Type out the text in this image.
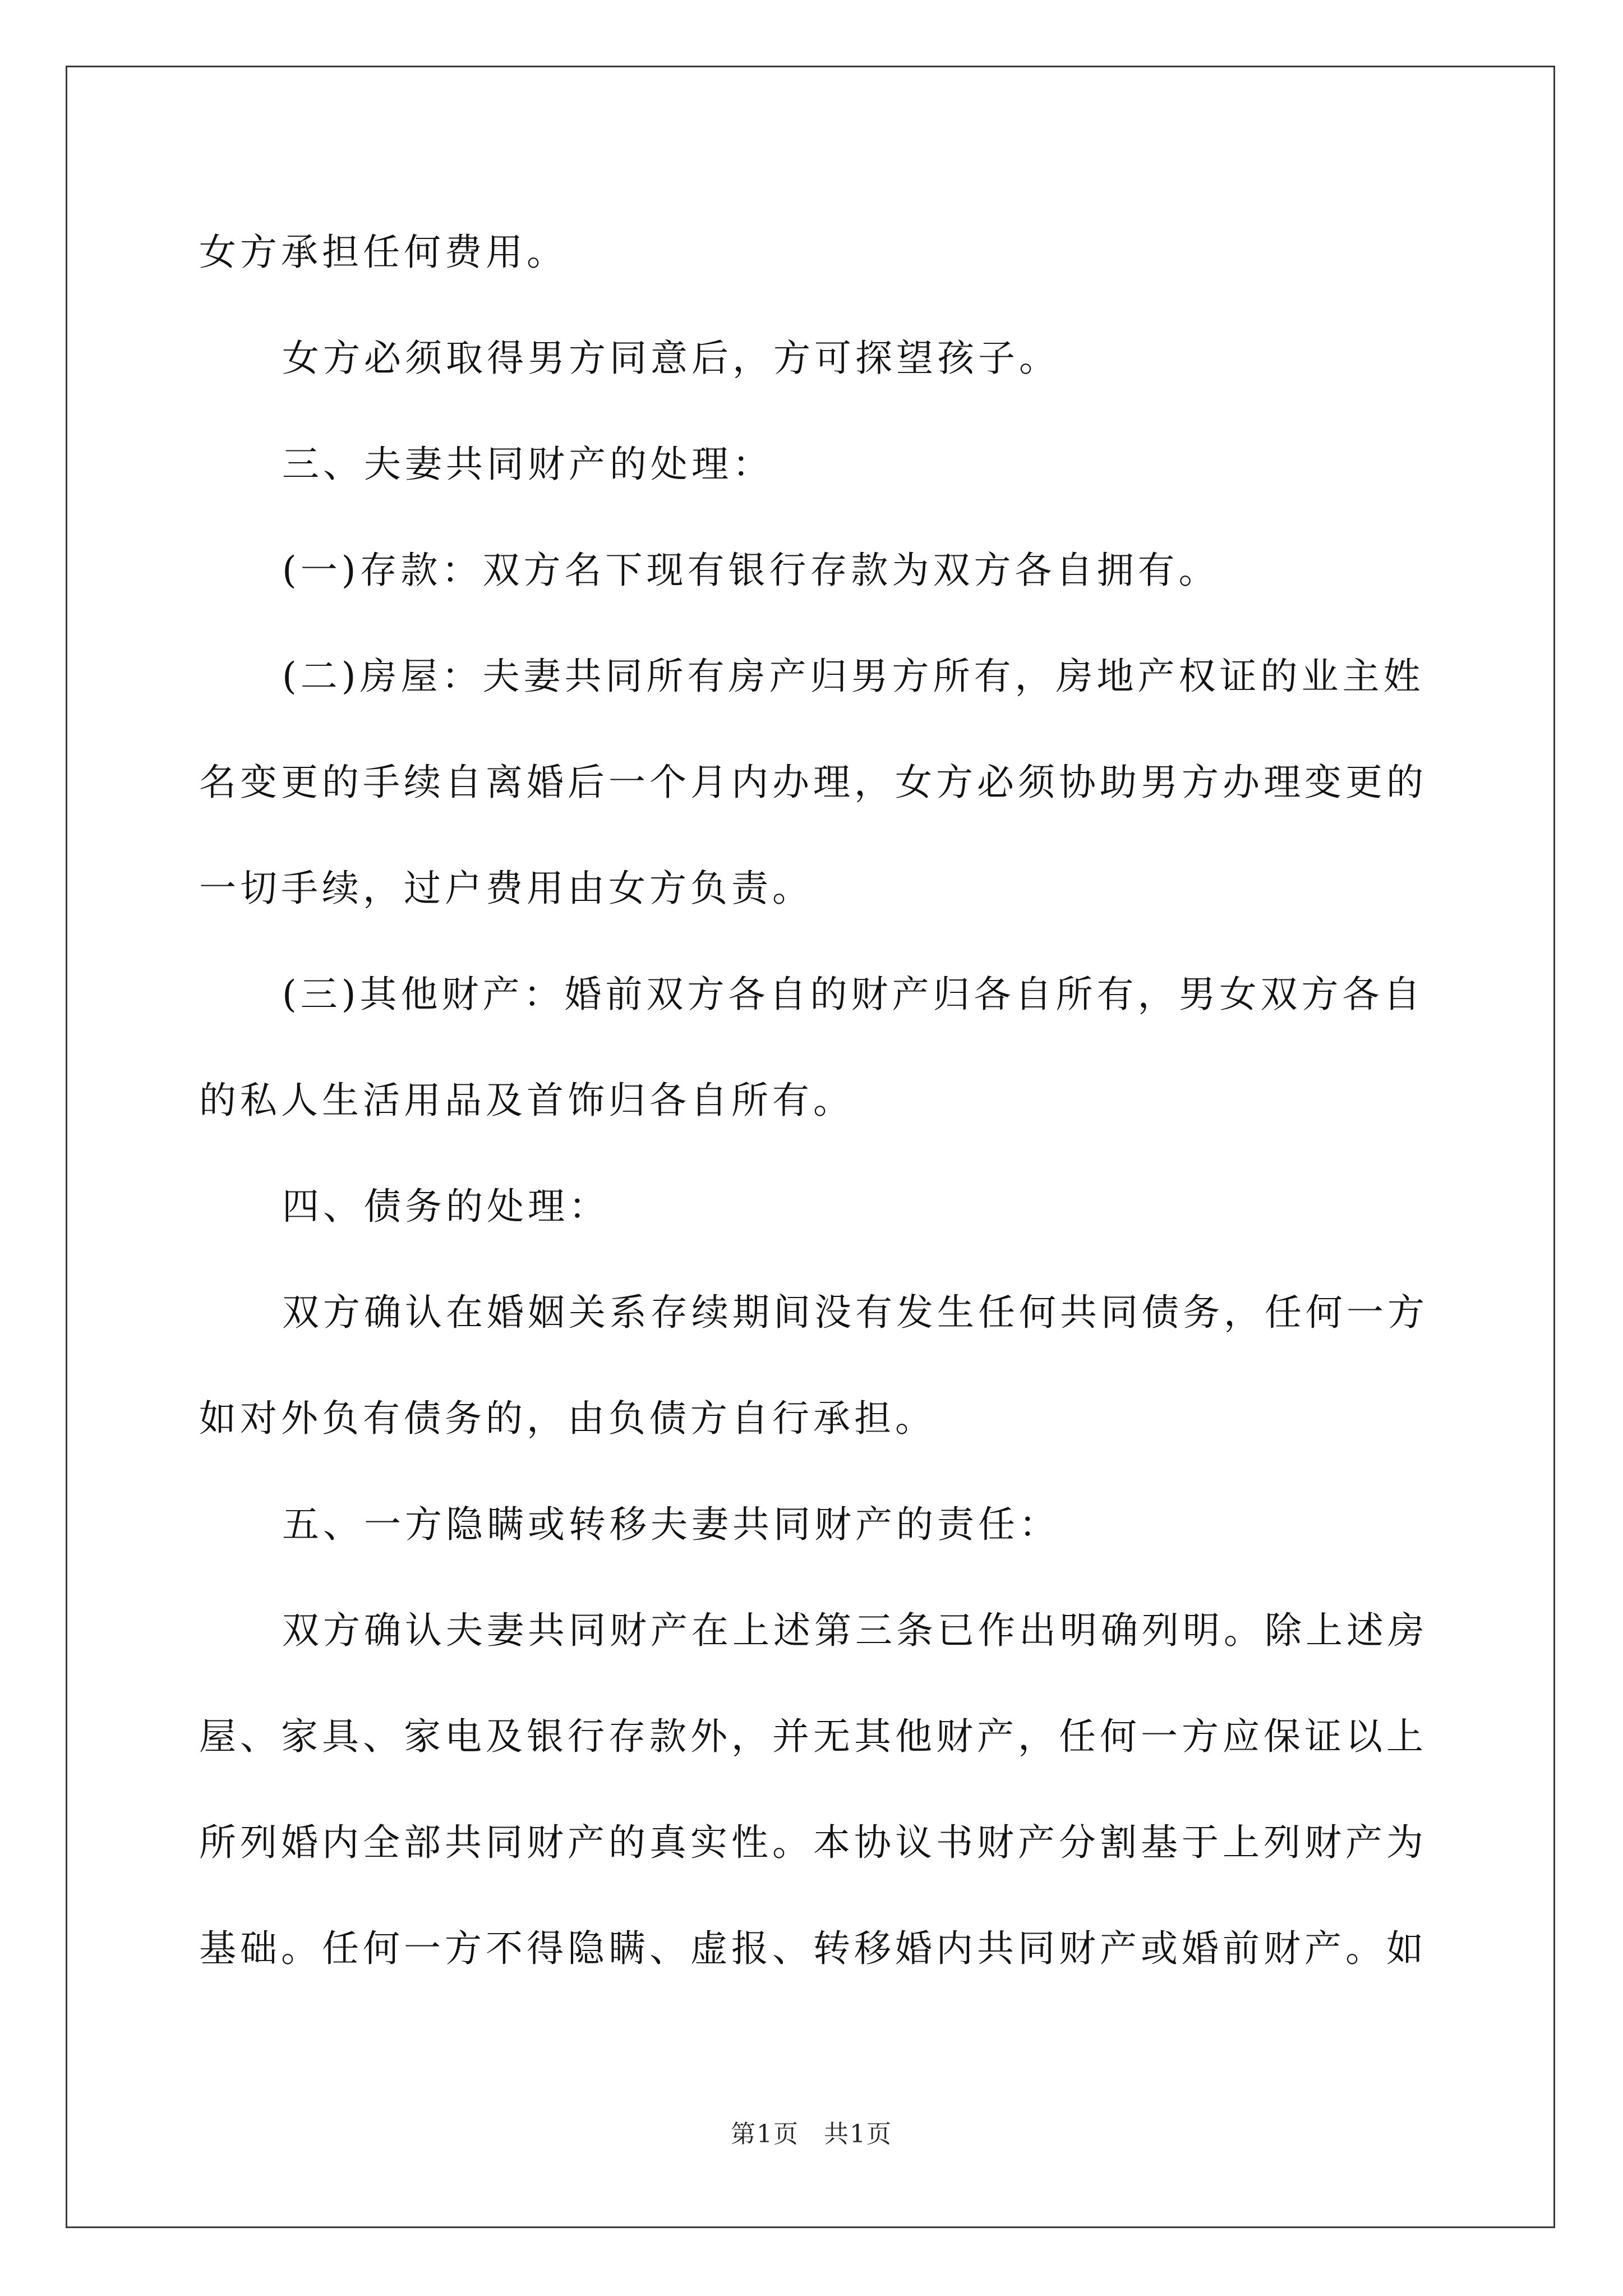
女方承担任何费用。
女方必须取得男方同意后，方可探望孩子。
三、夫妻共同财产的处理：
(一)存款：双方名下现有银行存款为双方各自拥有。
(二)房屋：夫妻共同所有房产归男方所有，房地产权证的业主姓
名变更的手续自离婚后一个月内办理，女方必须协助男方办理变更的
一切手续，过户费用由女方负责。
(三)其他财产：婚前双方各自的财产归各自所有，男女双方各自
的私人生活用品及首饰归各自所有。
四、债务的处理：
双方确认在婚姻关系存续期间没有发生任何共同债务，任何一方
如对外负有债务的，由负债方自行承担。
五、一方隐瞒或转移夫妻共同财产的责任：
双方确认夫妻共同财产在上述第三条已作出明确列明。除上述房
屋、家具、家电及银行存款外，并无其他财产，任何一方应保证以上
所列婚内全部共同财产的真实性。本协议书财产分割基于上列财产为
基础。任何一方不得隐瞒、虚报、转移婚内共同财产或婚前财产。如
第1页 共1页
